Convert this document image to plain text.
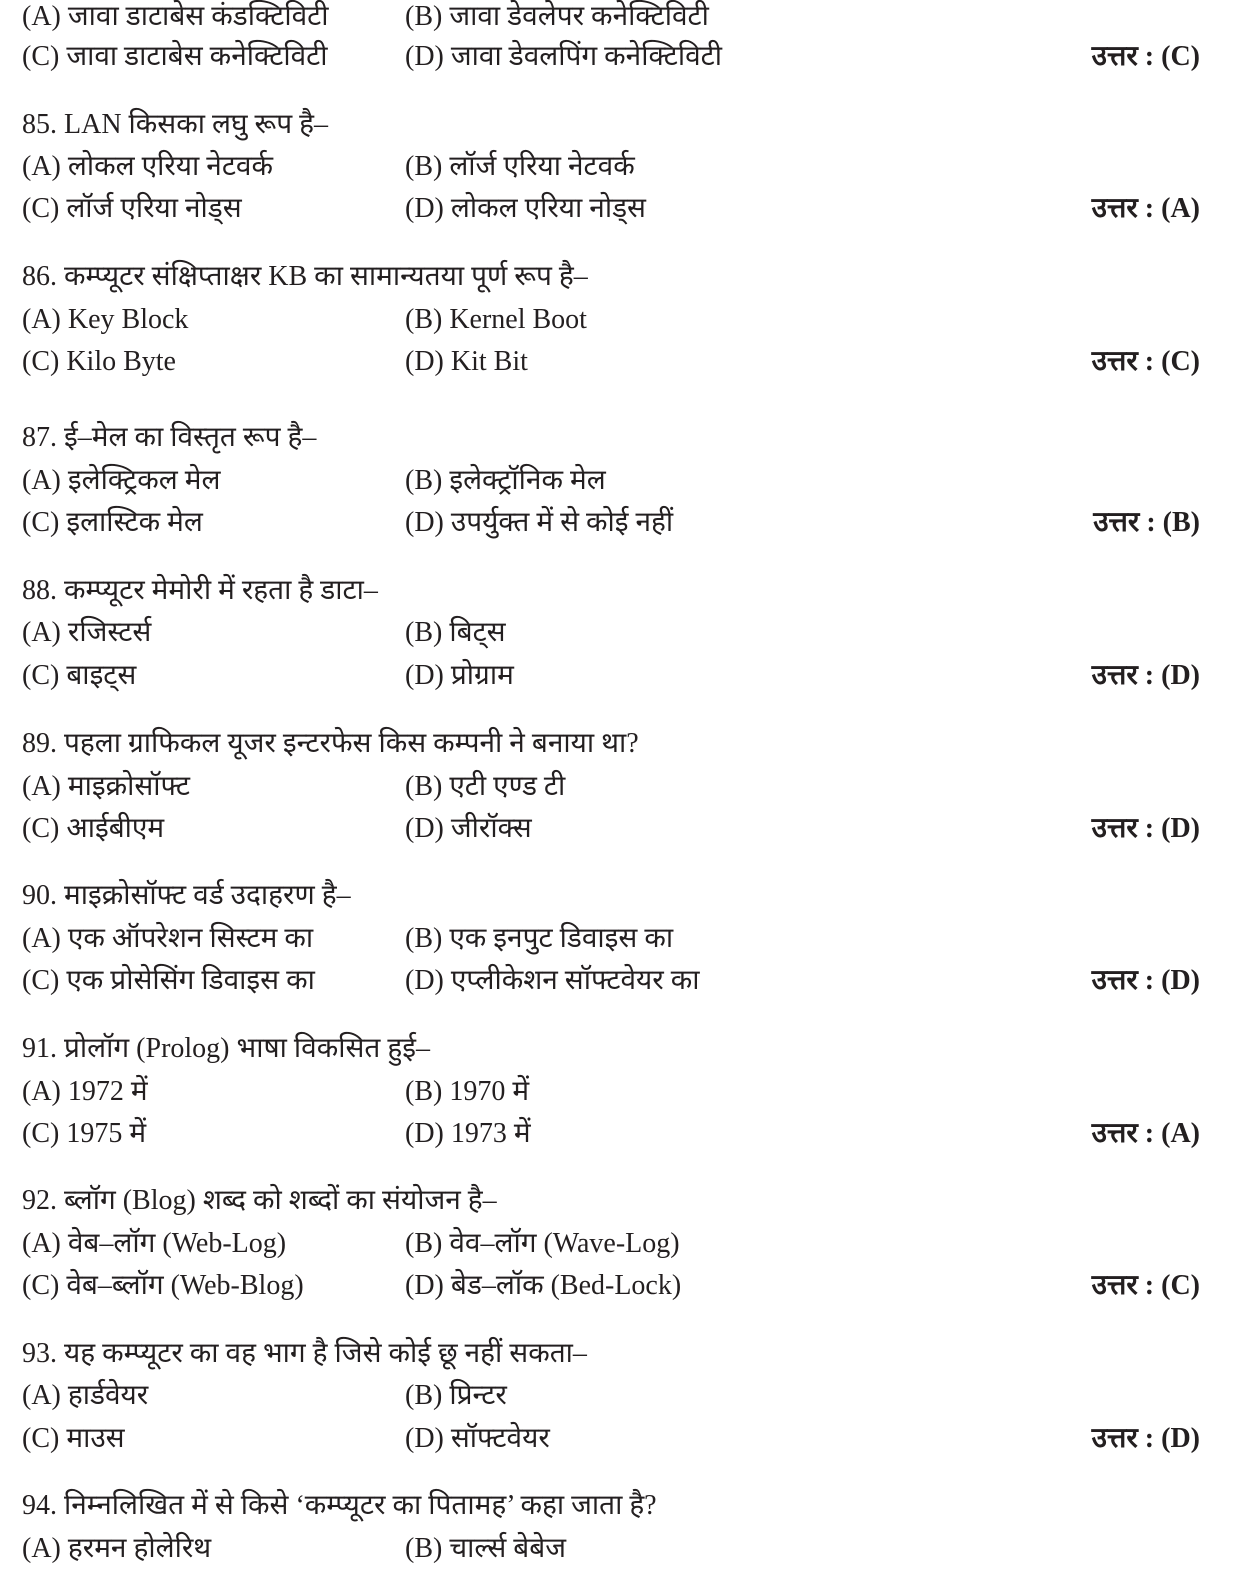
(A) जावा डाटाबेस कंडक्टिविटी	(B) जावा डेवलेपर कनेक्टिविटी
(C) जावा डाटाबेस कनेक्टिविटी	(D) जावा डेवलपिंग कनेक्टिविटी	उत्तर : (C)
85. LAN किसका लघु रूप है–
(A) लोकल एरिया नेटवर्क	(B) लॉर्ज एरिया नेटवर्क
(C) लॉर्ज एरिया नोड्स	(D) लोकल एरिया नोड्स	उत्तर : (A)
86. कम्प्यूटर संक्षिप्ताक्षर KB का सामान्यतया पूर्ण रूप है–
(A) Key Block	(B) Kernel Boot
(C) Kilo Byte	(D) Kit Bit	उत्तर : (C)
87. ई–मेल का विस्तृत रूप है–
(A) इलेक्ट्रिकल मेल	(B) इलेक्ट्रॉनिक मेल
(C) इलास्टिक मेल	(D) उपर्युक्त में से कोई नहीं	उत्तर : (B)
88. कम्प्यूटर मेमोरी में रहता है डाटा–
(A) रजिस्टर्स	(B) बिट्स
(C) बाइट्स	(D) प्रोग्राम	उत्तर : (D)
89. पहला ग्राफिकल यूजर इन्टरफेस किस कम्पनी ने बनाया था?
(A) माइक्रोसॉफ्ट	(B) एटी एण्ड टी
(C) आईबीएम	(D) जीरॉक्स	उत्तर : (D)
90. माइक्रोसॉफ्ट वर्ड उदाहरण है–
(A) एक ऑपरेशन सिस्टम का	(B) एक इनपुट डिवाइस का
(C) एक प्रोसेसिंग डिवाइस का	(D) एप्लीकेशन सॉफ्टवेयर का	उत्तर : (D)
91. प्रोलॉग (Prolog) भाषा विकसित हुई–
(A) 1972 में	(B) 1970 में
(C) 1975 में	(D) 1973 में	उत्तर : (A)
92. ब्लॉग (Blog) शब्द को शब्दों का संयोजन है–
(A) वेब–लॉग (Web-Log)	(B) वेव–लॉग (Wave-Log)
(C) वेब–ब्लॉग (Web-Blog)	(D) बेड–लॉक (Bed-Lock)	उत्तर : (C)
93. यह कम्प्यूटर का वह भाग है जिसे कोई छू नहीं सकता–
(A) हार्डवेयर	(B) प्रिन्टर
(C) माउस	(D) सॉफ्टवेयर	उत्तर : (D)
94. निम्नलिखित में से किसे ‘कम्प्यूटर का पितामह’ कहा जाता है?
(A) हरमन होलेरिथ	(B) चार्ल्स बेबेज
